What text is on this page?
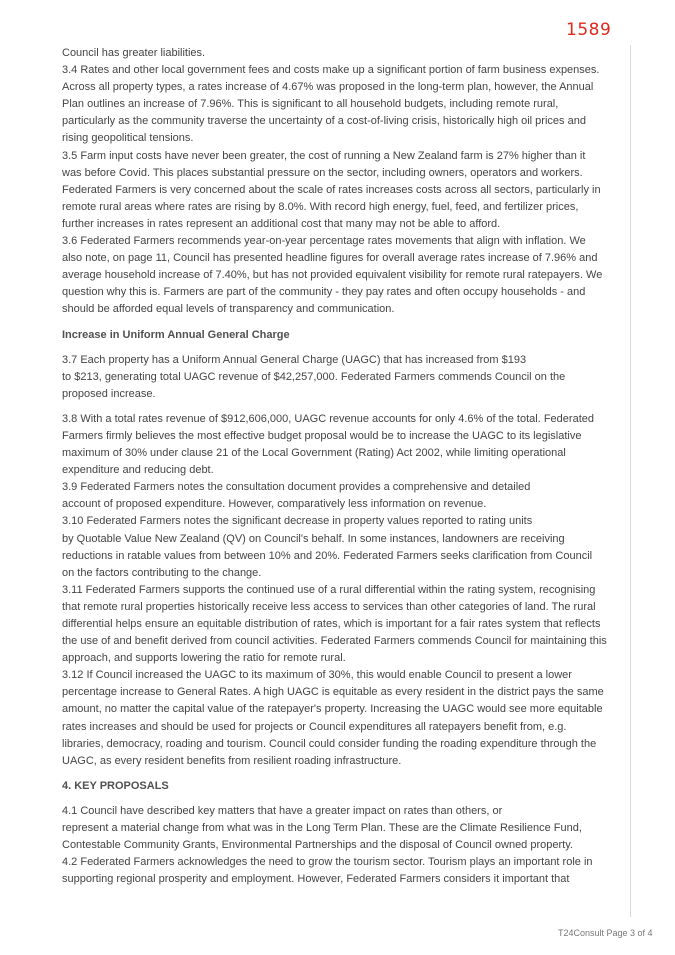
1589
Council has greater liabilities.
3.4 Rates and other local government fees and costs make up a significant portion of farm business expenses.
Across all property types, a rates increase of 4.67% was proposed in the long-term plan, however, the Annual
Plan outlines an increase of 7.96%. This is significant to all household budgets, including remote rural,
particularly as the community traverse the uncertainty of a cost-of-living crisis, historically high oil prices and
rising geopolitical tensions.
3.5 Farm input costs have never been greater, the cost of running a New Zealand farm is 27% higher than it
was before Covid. This places substantial pressure on the sector, including owners, operators and workers.
Federated Farmers is very concerned about the scale of rates increases costs across all sectors, particularly in
remote rural areas where rates are rising by 8.0%. With record high energy, fuel, feed, and fertilizer prices,
further increases in rates represent an additional cost that many may not be able to afford.
3.6 Federated Farmers recommends year-on-year percentage rates movements that align with inflation. We
also note, on page 11, Council has presented headline figures for overall average rates increase of 7.96% and
average household increase of 7.40%, but has not provided equivalent visibility for remote rural ratepayers. We
question why this is. Farmers are part of the community - they pay rates and often occupy households - and
should be afforded equal levels of transparency and communication.
Increase in Uniform Annual General Charge
3.7 Each property has a Uniform Annual General Charge (UAGC) that has increased from $193
to $213, generating total UAGC revenue of $42,257,000. Federated Farmers commends Council on the
proposed increase.
3.8 With a total rates revenue of $912,606,000, UAGC revenue accounts for only 4.6% of the total. Federated
Farmers firmly believes the most effective budget proposal would be to increase the UAGC to its legislative
maximum of 30% under clause 21 of the Local Government (Rating) Act 2002, while limiting operational
expenditure and reducing debt.
3.9 Federated Farmers notes the consultation document provides a comprehensive and detailed
account of proposed expenditure. However, comparatively less information on revenue.
3.10 Federated Farmers notes the significant decrease in property values reported to rating units
by Quotable Value New Zealand (QV) on Council's behalf. In some instances, landowners are receiving
reductions in ratable values from between 10% and 20%. Federated Farmers seeks clarification from Council
on the factors contributing to the change.
3.11 Federated Farmers supports the continued use of a rural differential within the rating system, recognising
that remote rural properties historically receive less access to services than other categories of land. The rural
differential helps ensure an equitable distribution of rates, which is important for a fair rates system that reflects
the use of and benefit derived from council activities. Federated Farmers commends Council for maintaining this
approach, and supports lowering the ratio for remote rural.
3.12 If Council increased the UAGC to its maximum of 30%, this would enable Council to present a lower
percentage increase to General Rates. A high UAGC is equitable as every resident in the district pays the same
amount, no matter the capital value of the ratepayer's property. Increasing the UAGC would see more equitable
rates increases and should be used for projects or Council expenditures all ratepayers benefit from, e.g.
libraries, democracy, roading and tourism. Council could consider funding the roading expenditure through the
UAGC, as every resident benefits from resilient roading infrastructure.
4. KEY PROPOSALS
4.1 Council have described key matters that have a greater impact on rates than others, or
represent a material change from what was in the Long Term Plan. These are the Climate Resilience Fund,
Contestable Community Grants, Environmental Partnerships and the disposal of Council owned property.
4.2 Federated Farmers acknowledges the need to grow the tourism sector. Tourism plays an important role in
supporting regional prosperity and employment. However, Federated Farmers considers it important that
T24Consult Page 3 of 4
